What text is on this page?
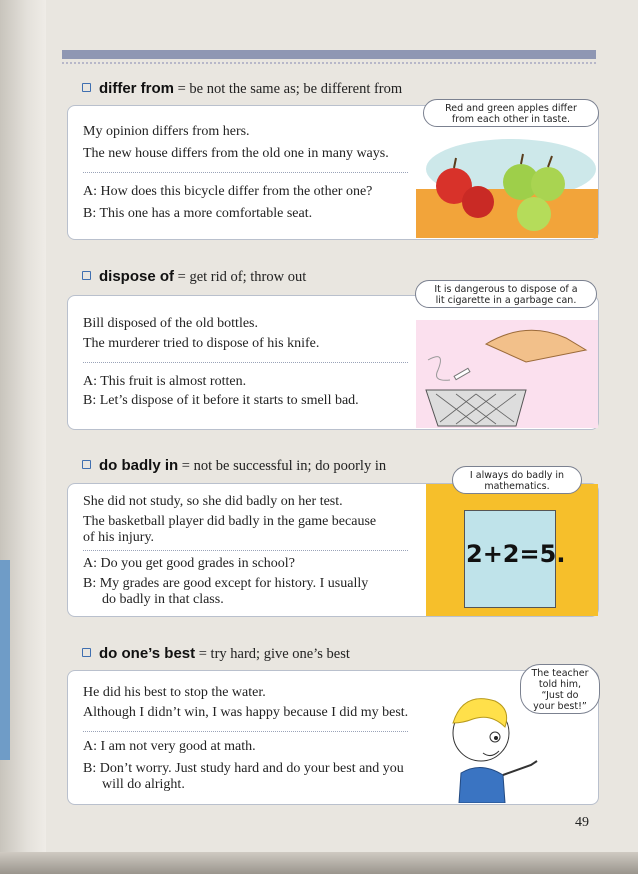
differ from = be not the same as; be different from
My opinion differs from hers.
The new house differs from the old one in many ways.
A: How does this bicycle differ from the other one?
B: This one has a more comfortable seat.
Red and green apples differ
from each other in taste.
dispose of = get rid of; throw out
Bill disposed of the old bottles.
The murderer tried to dispose of his knife.
A: This fruit is almost rotten.
B: Let’s dispose of it before it starts to smell bad.
It is dangerous to dispose of a
lit cigarette in a garbage can.
do badly in = not be successful in; do poorly in
She did not study, so she did badly on her test.
The basketball player did badly in the game because
of his injury.
A: Do you get good grades in school?
B: My grades are good except for history. I usually
do badly in that class.
2+2=5.
I always do badly in
mathematics.
do one’s best = try hard; give one’s best
He did his best to stop the water.
Although I didn’t win, I was happy because I did my best.
A: I am not very good at math.
B: Don’t worry. Just study hard and do your best and you
will do alright.
The teacher
told him,
“Just do
your best!”
49
